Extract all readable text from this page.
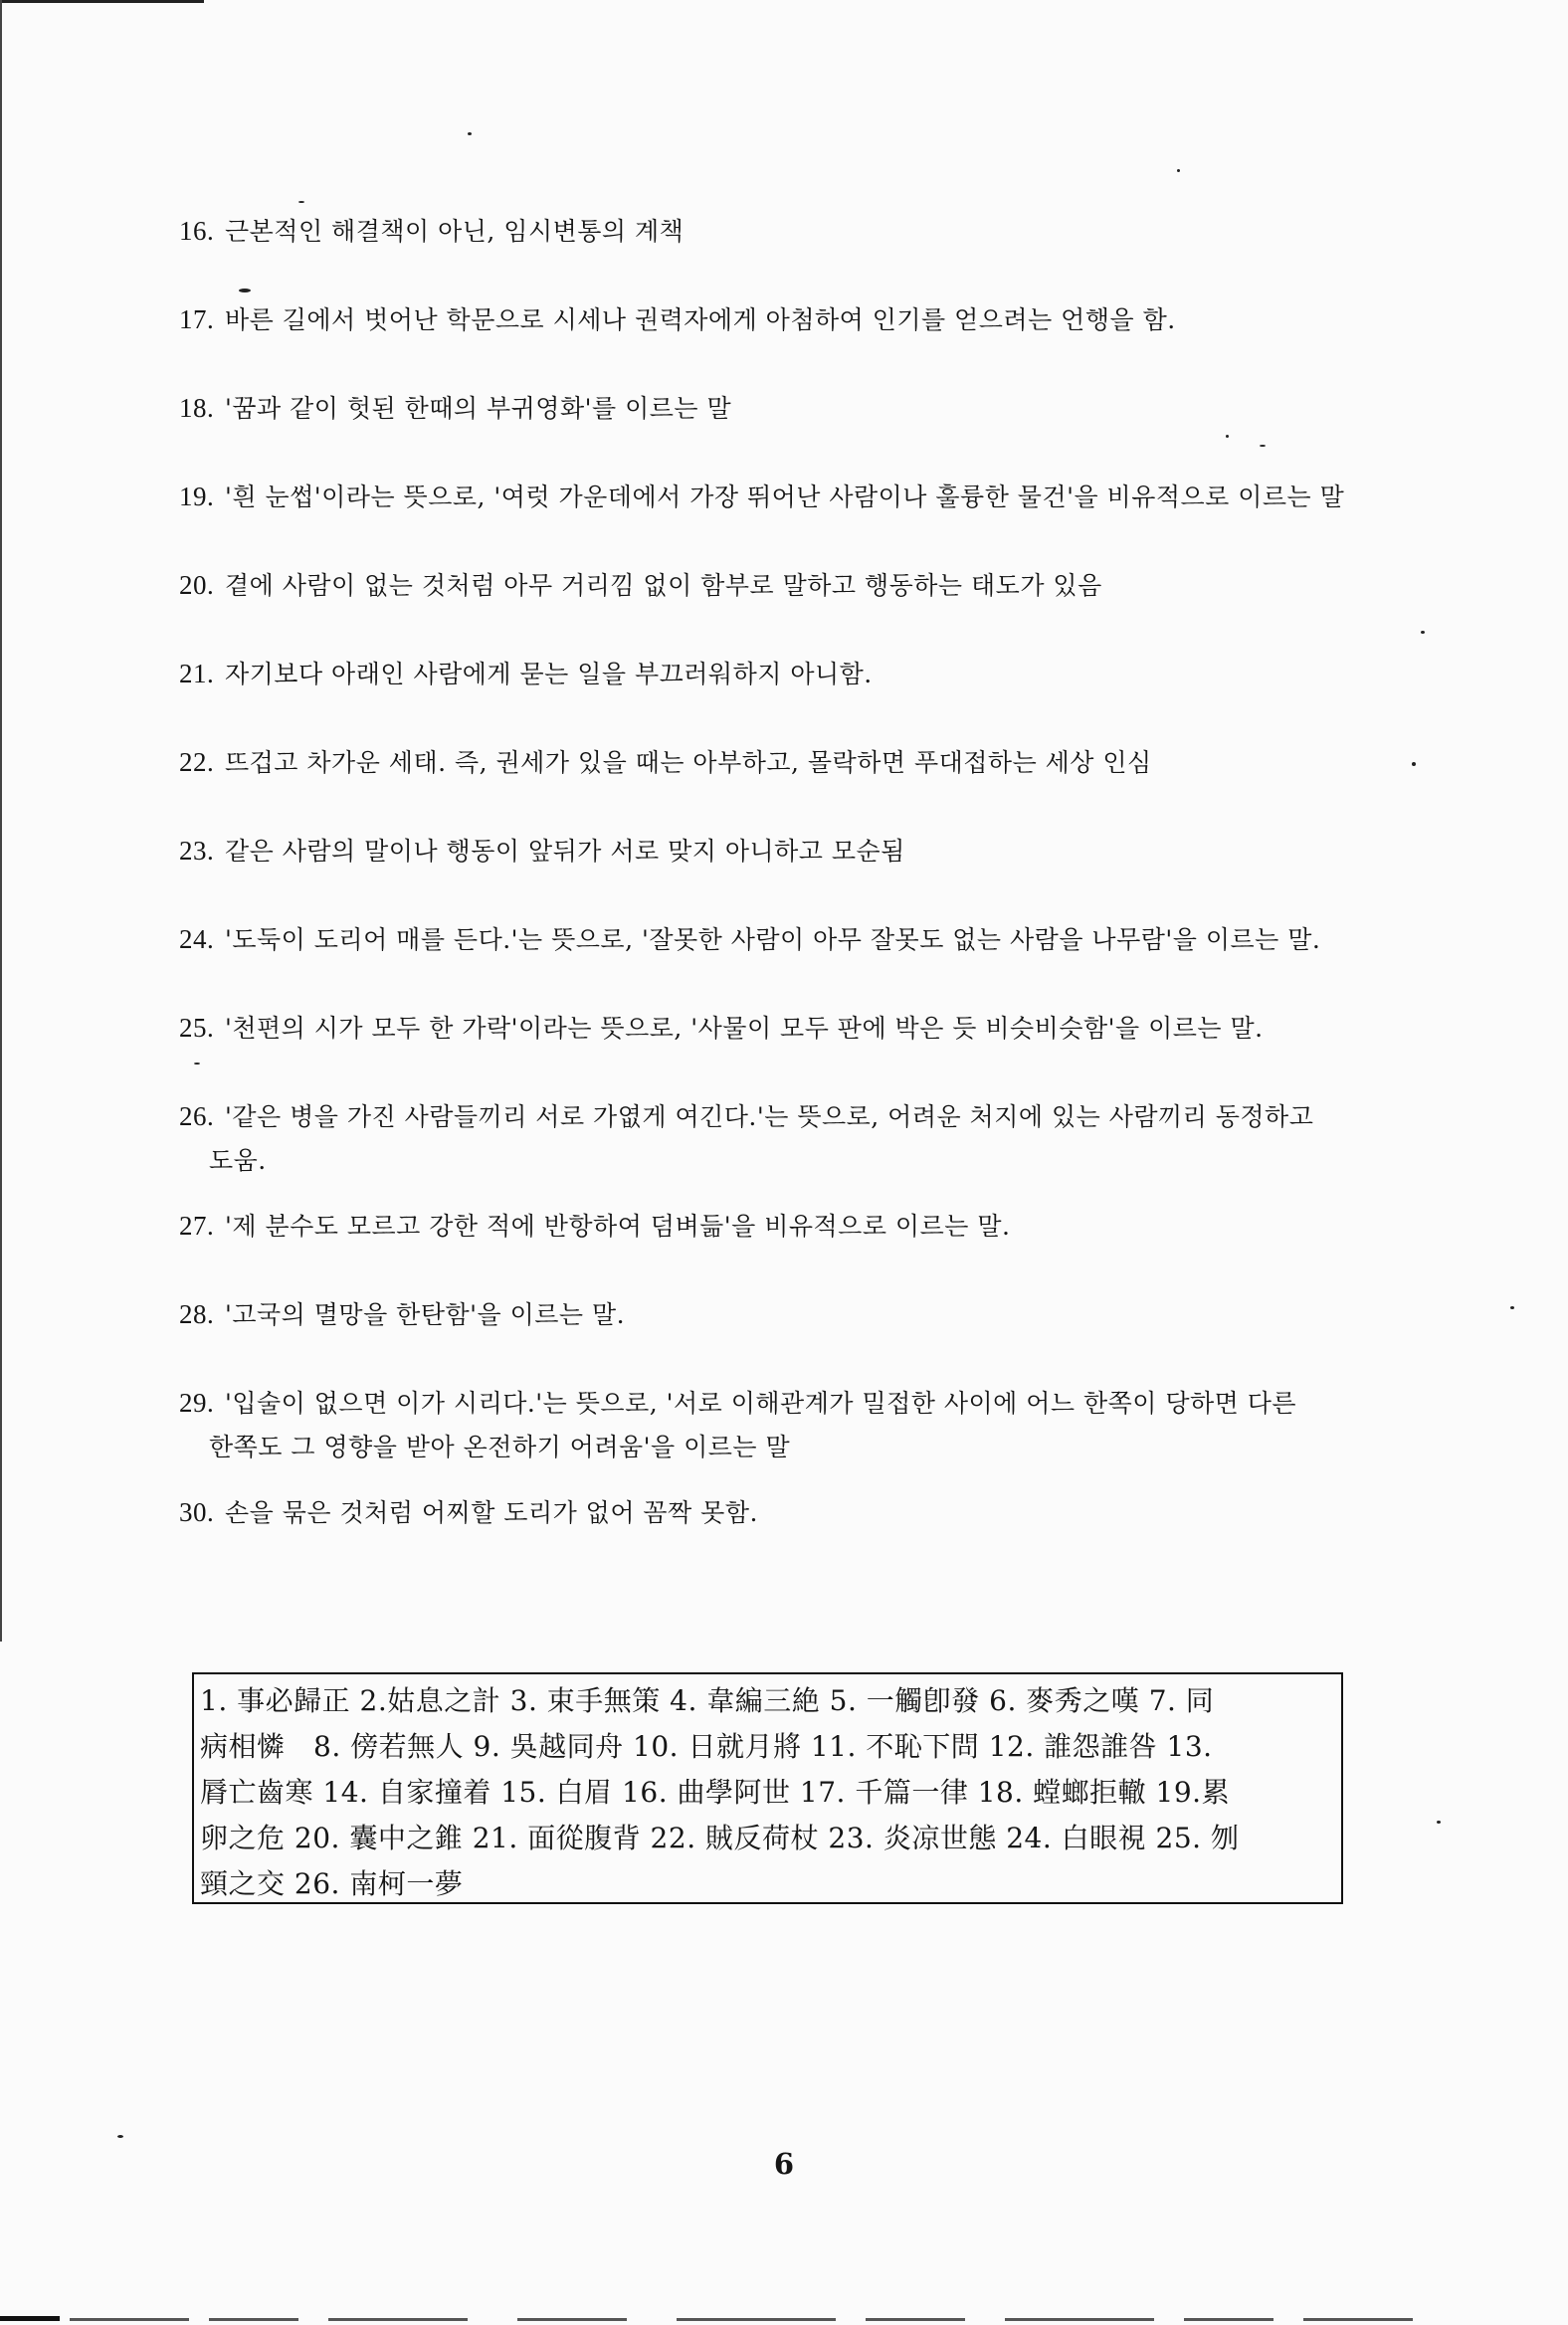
16. 근본적인 해결책이 아닌, 임시변통의 계책
17. 바른 길에서 벗어난 학문으로 시세나 권력자에게 아첨하여 인기를 얻으려는 언행을 함.
18. '꿈과 같이 헛된 한때의 부귀영화'를 이르는 말
19. '흰 눈썹'이라는 뜻으로, '여럿 가운데에서 가장 뛰어난 사람이나 훌륭한 물건'을 비유적으로 이르는 말
20. 곁에 사람이 없는 것처럼 아무 거리낌 없이 함부로 말하고 행동하는 태도가 있음
21. 자기보다 아래인 사람에게 묻는 일을 부끄러워하지 아니함.
22. 뜨겁고 차가운 세태. 즉, 권세가 있을 때는 아부하고, 몰락하면 푸대접하는 세상 인심
23. 같은 사람의 말이나 행동이 앞뒤가 서로 맞지 아니하고 모순됨
24. '도둑이 도리어 매를 든다.'는 뜻으로, '잘못한 사람이 아무 잘못도 없는 사람을 나무람'을 이르는 말.
25. '천편의 시가 모두 한 가락'이라는 뜻으로, '사물이 모두 판에 박은 듯 비슷비슷함'을 이르는 말.
26. '같은 병을 가진 사람들끼리 서로 가엾게 여긴다.'는 뜻으로, 어려운 처지에 있는 사람끼리 동정하고
도움.
27. '제 분수도 모르고 강한 적에 반항하여 덤벼듦'을 비유적으로 이르는 말.
28. '고국의 멸망을 한탄함'을 이르는 말.
29. '입술이 없으면 이가 시리다.'는 뜻으로, '서로 이해관계가 밀접한 사이에 어느 한쪽이 당하면 다른
한쪽도 그 영향을 받아 온전하기 어려움'을 이르는 말
30. 손을 묶은 것처럼 어찌할 도리가 없어 꼼짝 못함.
1. 事必歸正 2.姑息之計 3. 束手無策 4. 韋編三絶 5. 一觸卽發 6. 麥秀之嘆 7. 同
病相憐　8. 傍若無人 9. 吳越同舟 10. 日就月將 11. 不恥下問 12. 誰怨誰咎 13.
脣亡齒寒 14. 自家撞着 15. 白眉 16. 曲學阿世 17. 千篇一律 18. 螳螂拒轍 19.累
卵之危 20. 囊中之錐 21. 面從腹背 22. 賊反荷杖 23. 炎凉世態 24. 白眼視 25. 刎
頸之交 26. 南柯一夢
6
